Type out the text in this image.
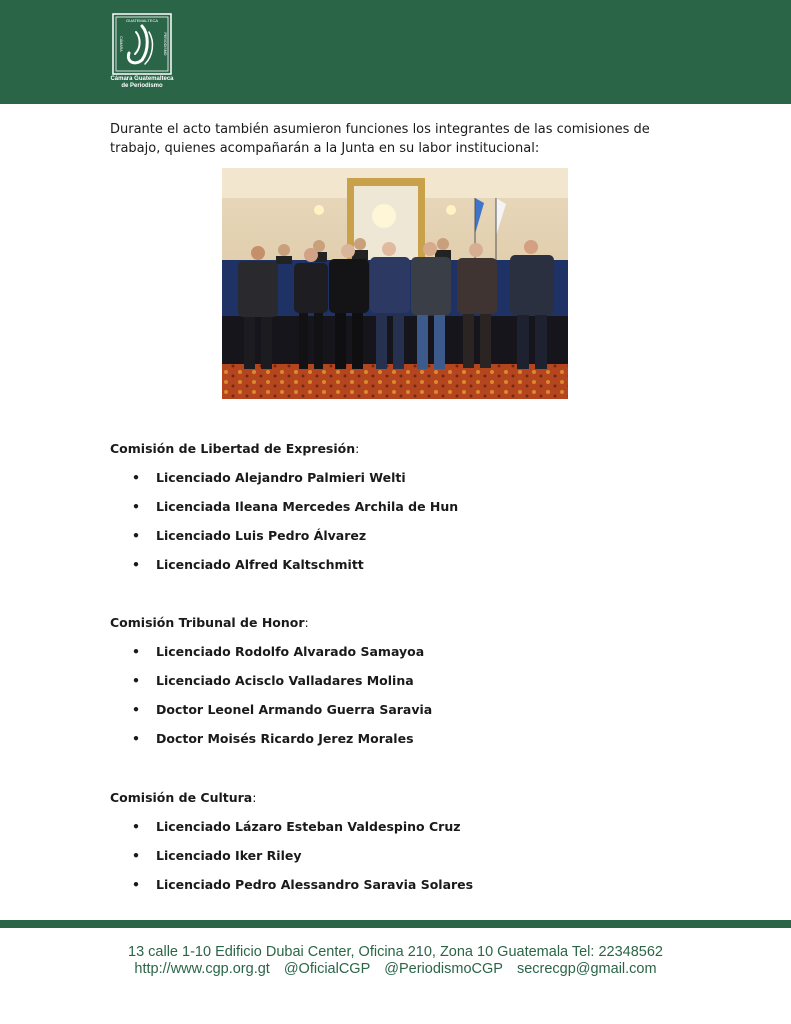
GUATEMALTECA
CÁMARA	PERIODISMO
Cámara Guatemalteca
de Periodismo

Durante el acto también asumieron funciones los integrantes de las comisiones de trabajo, quienes acompañarán a la Junta en su labor institucional:

Comisión de Libertad de Expresión:
• Licenciado Alejandro Palmieri Welti
• Licenciada Ileana Mercedes Archila de Hun
• Licenciado Luis Pedro Álvarez
• Licenciado Alfred Kaltschmitt
Comisión Tribunal de Honor:
• Licenciado Rodolfo Alvarado Samayoa
• Licenciado Acisclo Valladares Molina
• Doctor Leonel Armando Guerra Saravia
• Doctor Moisés Ricardo Jerez Morales
Comisión de Cultura:
• Licenciado Lázaro Esteban Valdespino Cruz
• Licenciado Iker Riley
• Licenciado Pedro Alessandro Saravia Solares
13 calle 1-10 Edificio Dubai Center, Oficina 210, Zona 10 Guatemala Tel: 22348562
http://www.cgp.org.gt @OficialCGP @PeriodismoCGP secrecgp@gmail.com
